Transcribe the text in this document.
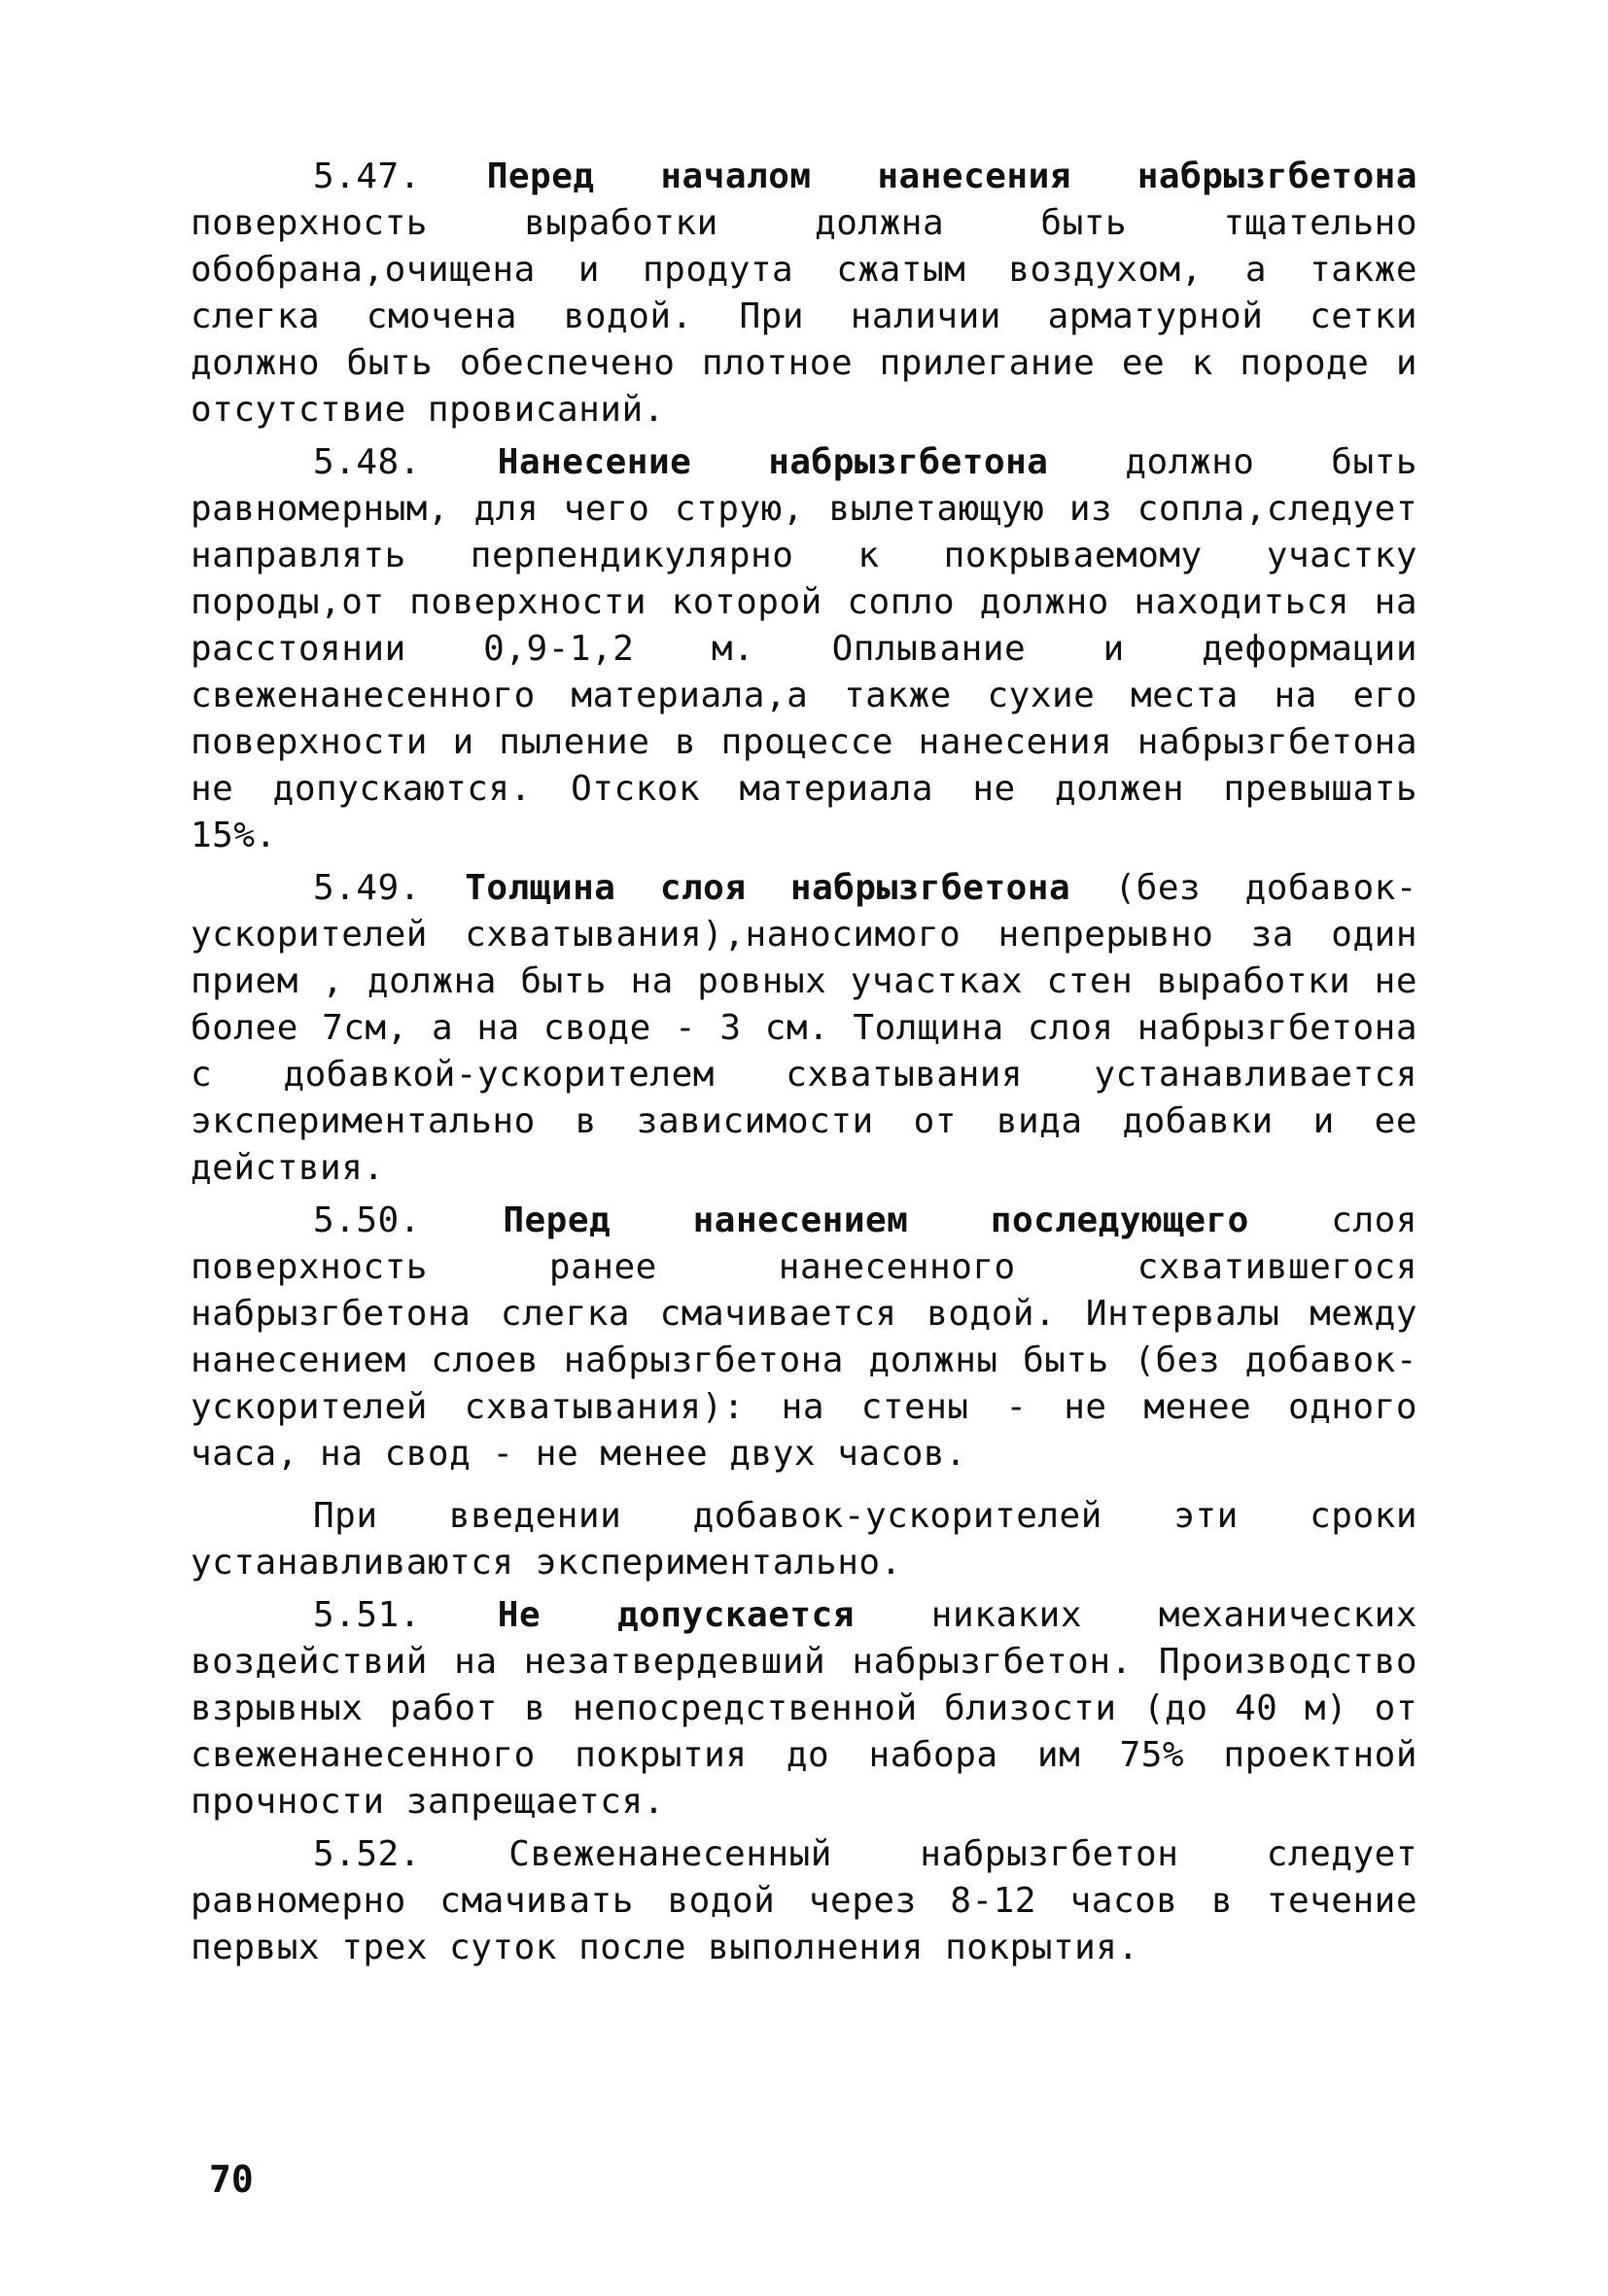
5.47. Перед началом нанесения набрызгбетона поверхность выработки должна быть тщательно обобрана,очищена и продута сжатым воздухом, а также слегка смочена водой. При наличии арматурной сетки должно быть обеспечено плотное прилегание ее к породе и отсутствие провисаний.

5.48. Нанесение набрызгбетона должно быть равномерным, для чего струю, вылетающую из сопла,следует направлять перпендикулярно к покрываемому участку породы,от поверхности которой сопло должно находиться на расстоянии 0,9-1,2 м. Оплывание и деформации свеженанесенного материала,а также сухие места на его поверхности и пыление в процессе нанесения набрызгбетона не допускаются. Отскок материала не должен превышать 15%.

5.49. Толщина слоя набрызгбетона (без добавок-ускорителей схватывания),наносимого непрерывно за один прием , должна быть на ровных участках стен выработки не более 7см, а на своде - 3 см. Толщина слоя набрызгбетона с добавкой-ускорителем схватывания устанавливается экспериментально в зависимости от вида добавки и ее действия.

5.50. Перед нанесением последующего слоя поверхность ранее нанесенного схватившегося набрызгбетона слегка смачивается водой. Интервалы между нанесением слоев набрызгбетона должны быть (без добавок-ускорителей схватывания): на стены - не менее одного часа, на свод - не менее двух часов.

При введении добавок-ускорителей эти сроки устанавливаются экспериментально.

5.51. Не допускается никаких механических воздействий на незатвердевший набрызгбетон. Производство взрывных работ в непосредственной близости (до 40 м) от свеженанесенного покрытия до набора им 75% проектной прочности запрещается.

5.52.	Свеженанесенный набрызгбетон следует равномерно смачивать водой через 8-12 часов в течение первых трех суток после выполнения покрытия.

70
